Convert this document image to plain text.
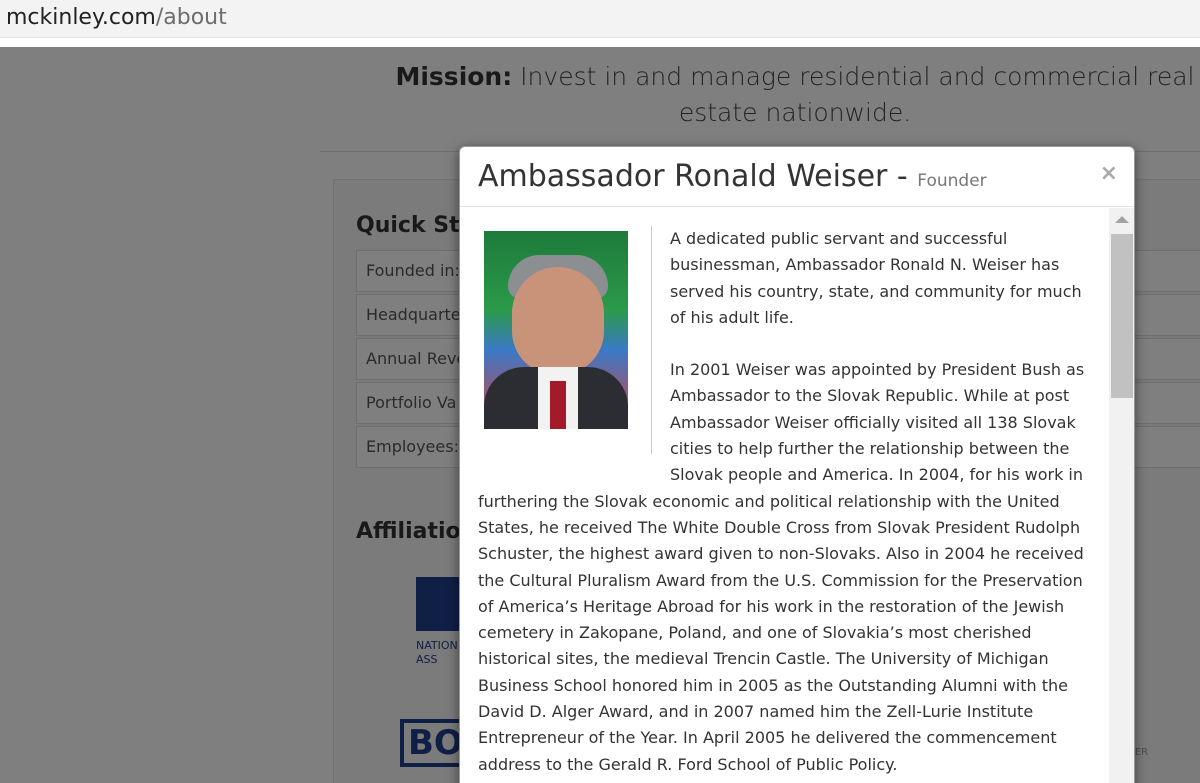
mckinley.com/about
Ambassador Ronald Weiser - Founder	×

A dedicated public servant and successful businessman, Ambassador Ronald N. Weiser has served his country, state, and community for much of his adult life.

In 2001 Weiser was appointed by President Bush as Ambassador to the Slovak Republic. While at post Ambassador Weiser officially visited all 138 Slovak cities to help further the relationship between the Slovak people and America. In 2004, for his work in furthering the Slovak economic and political relationship with the United States, he received The White Double Cross from Slovak President Rudolph Schuster, the highest award given to non-Slovaks. Also in 2004 he received the Cultural Pluralism Award from the U.S. Commission for the Preservation of America’s Heritage Abroad for his work in the restoration of the Jewish cemetery in Zakopane, Poland, and one of Slovakia’s most cherished historical sites, the medieval Trencin Castle. The University of Michigan Business School honored him in 2005 as the Outstanding Alumni with the David D. Alger Award, and in 2007 named him the Zell-Lurie Institute Entrepreneur of the Year. In April 2005 he delivered the commencement address to the Gerald R. Ford School of Public Policy.
